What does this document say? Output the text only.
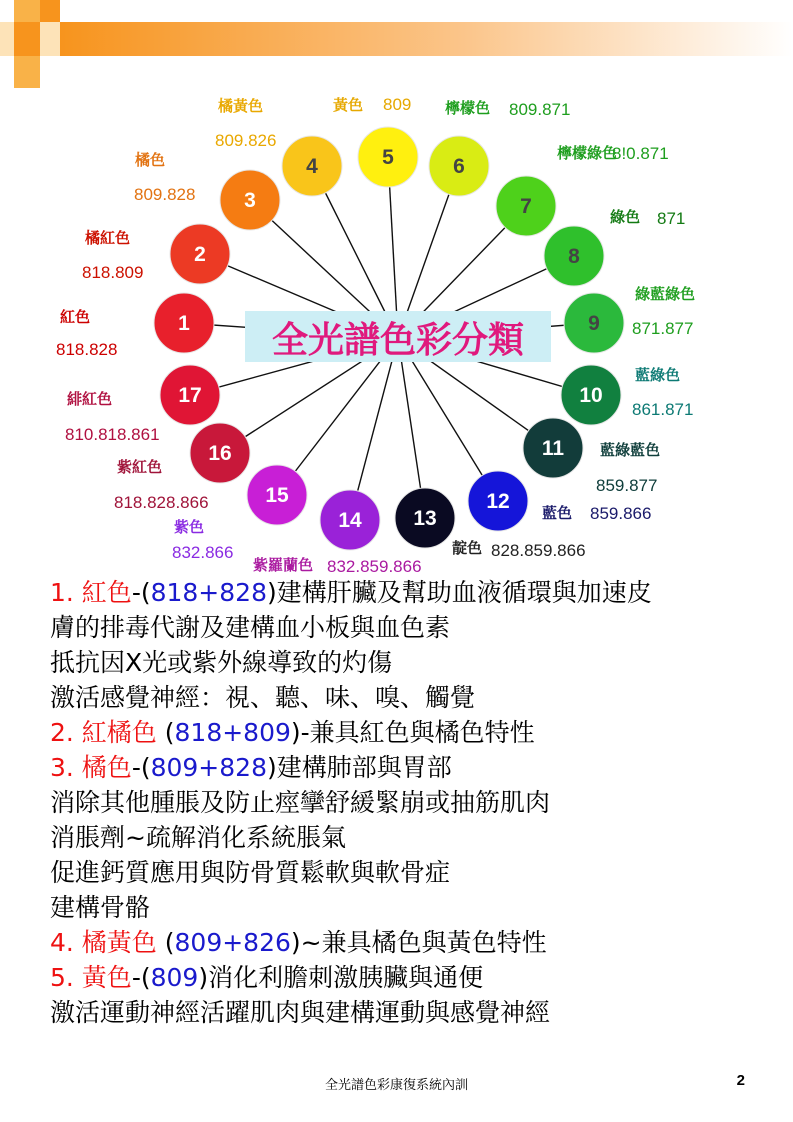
1
2
3
4	5	6
7
8
9
10
11
12
13
14
15
16
17
全光譜色彩分類
紅色
橘紅色
橘色
橘黃色	黃色	檸檬色
檸檬綠色
綠色
綠藍綠色
藍綠色
藍綠藍色
藍色
靛色
紫色
紫羅蘭色
紫紅色
緋紅色
818.828
818.809
809.828
809.826
809	809.871
8!0.871
871
871.877
861.871
859.877
859.866
828.859.866
832.859.866
818.828.866
810.818.861
832.866
1. 紅色-(818+828)建構肝臟及幫助血液循環與加速皮
膚的排毒代謝及建構血小板與血色素
抵抗因X光或紫外線導致的灼傷
激活感覺神經：視、聽、味、嗅、觸覺
2. 紅橘色 (818+809)-兼具紅色與橘色特性
3. 橘色-(809+828)建構肺部與胃部
消除其他腫脹及防止痙攣舒緩緊崩或抽筋肌肉
消脹劑~疏解消化系統脹氣
促進鈣質應用與防骨質鬆軟與軟骨症
建構骨骼
4. 橘黃色 (809+826)~兼具橘色與黃色特性
5. 黃色-(809)消化利膽刺激胰臟與通便
激活運動神經活躍肌肉與建構運動與感覺神經
全光譜色彩康復系統內訓	2
